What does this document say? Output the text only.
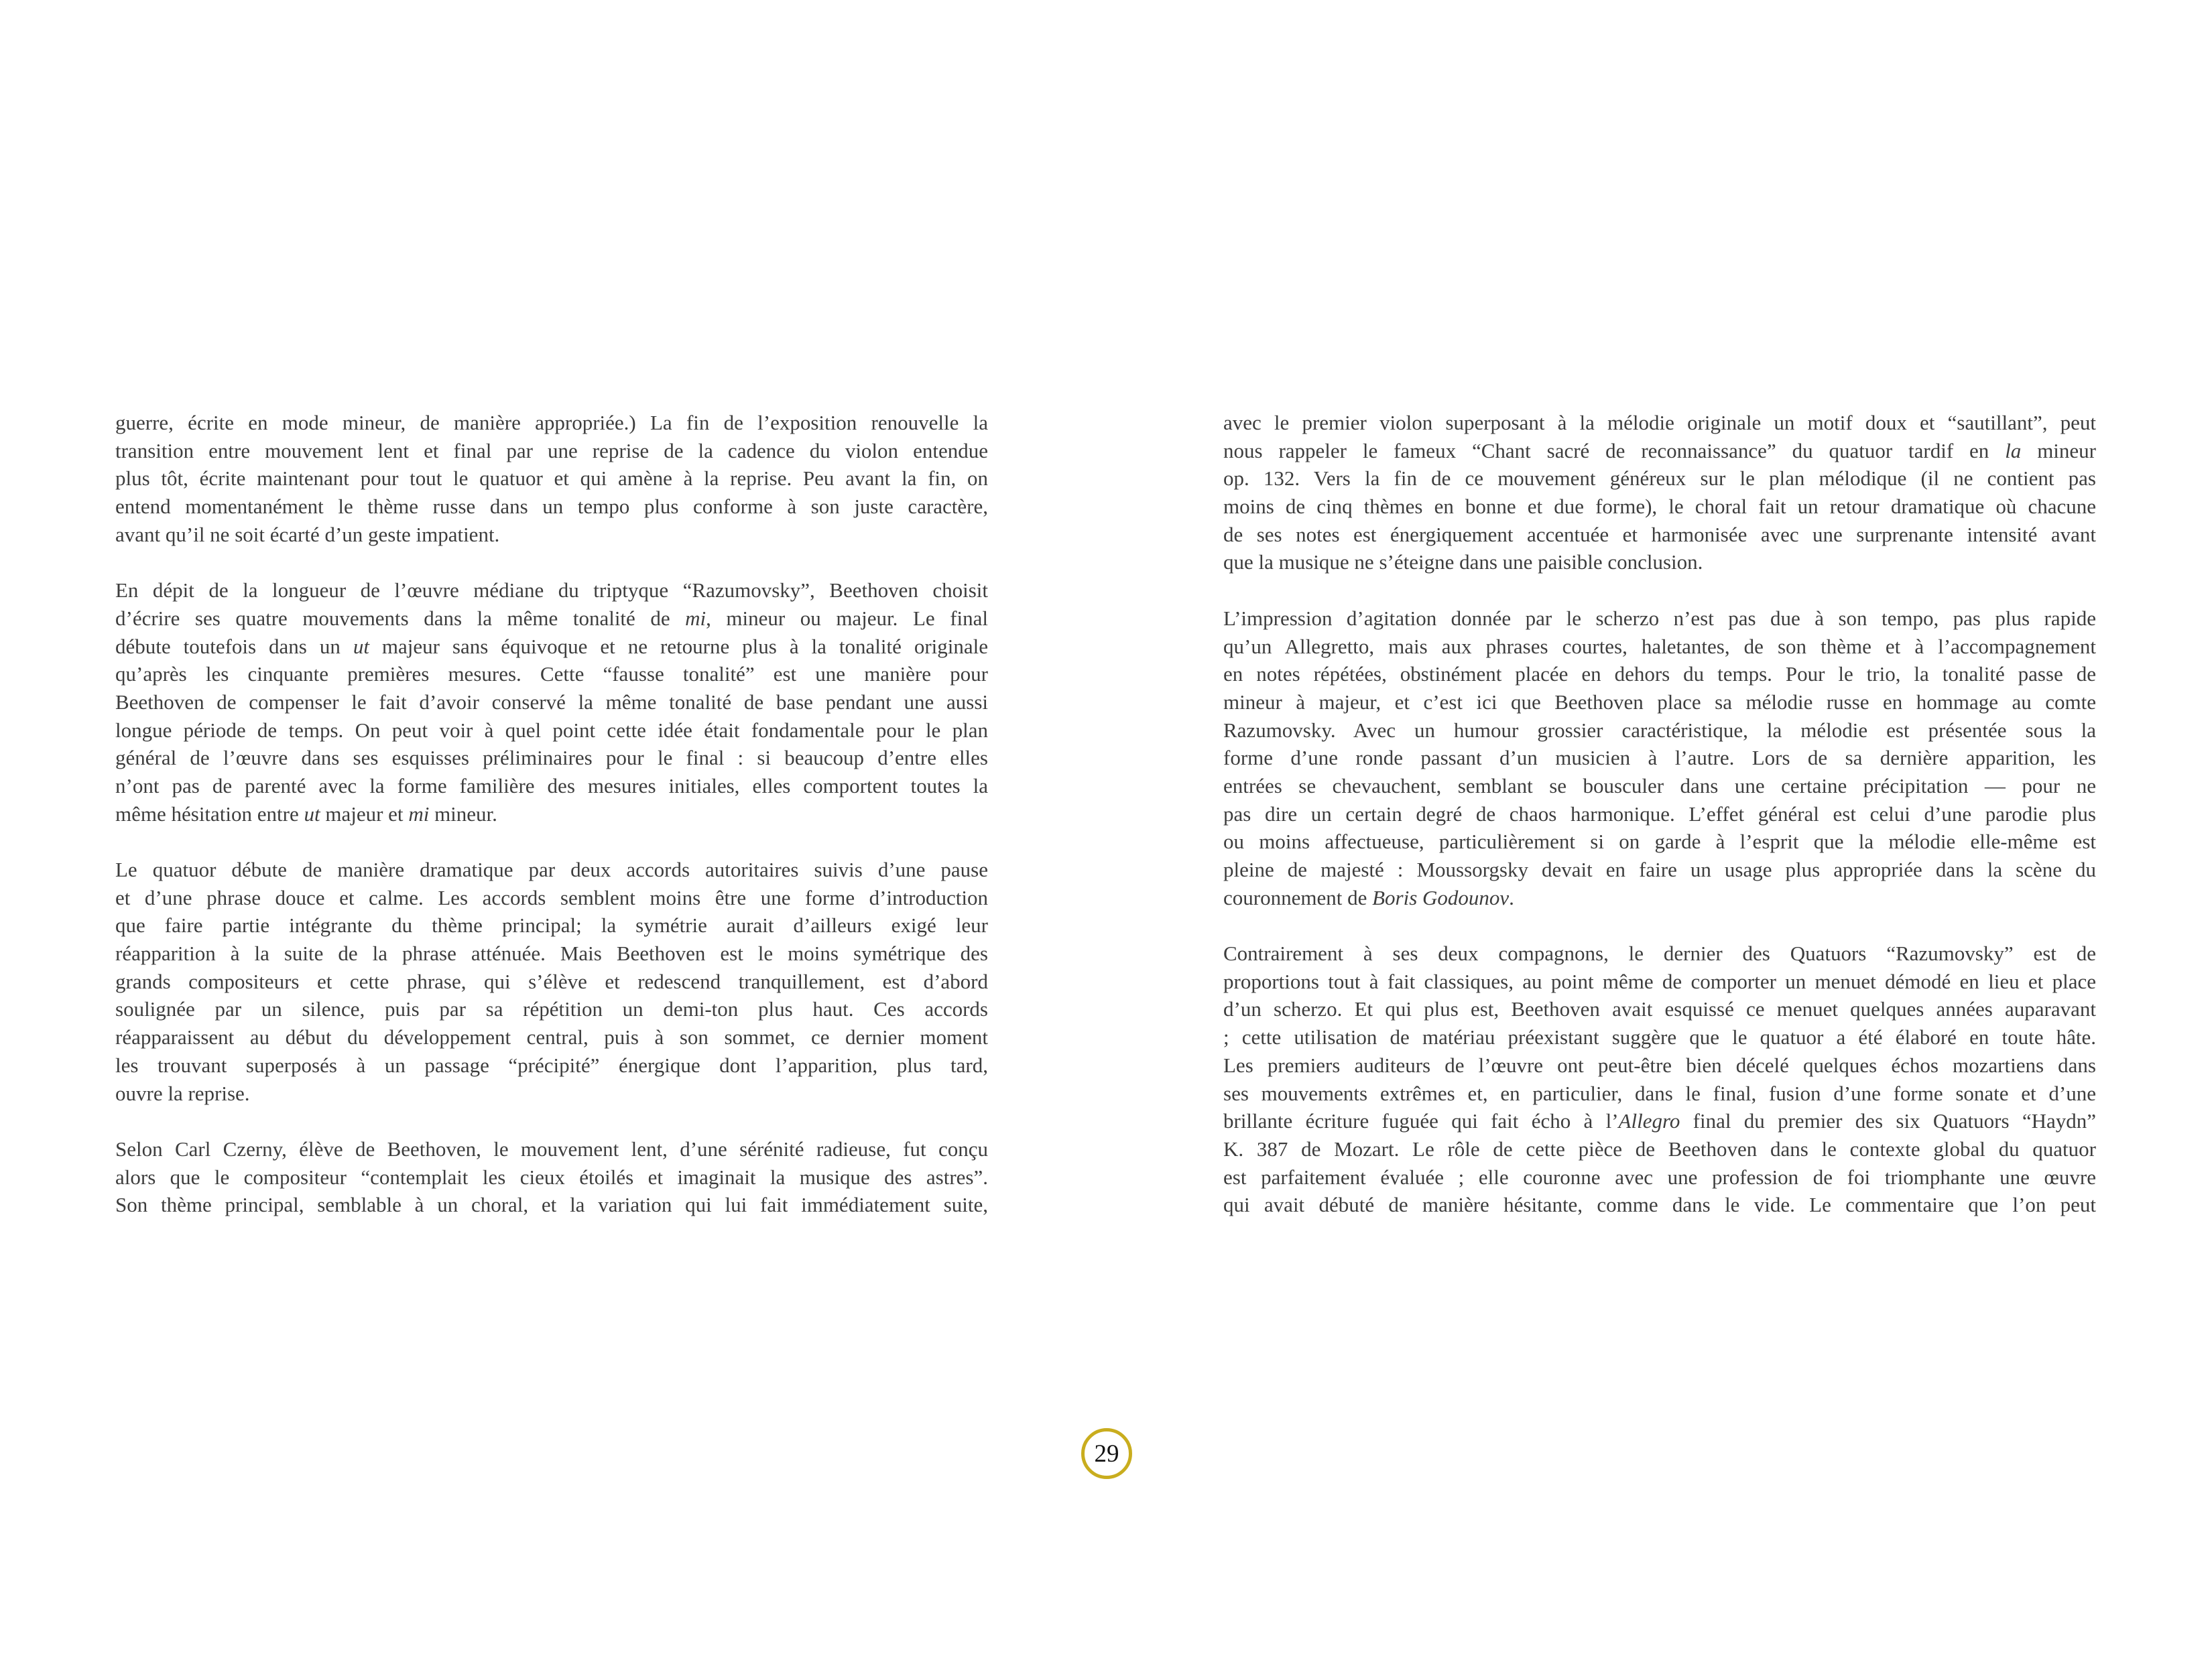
guerre, écrite en mode mineur, de manière appropriée.) La fin de l’exposition renouvelle la
transition entre mouvement lent et final par une reprise de la cadence du violon entendue
plus tôt, écrite maintenant pour tout le quatuor et qui amène à la reprise. Peu avant la fin, on
entend momentanément le thème russe dans un tempo plus conforme à son juste caractère,
avant qu’il ne soit écarté d’un geste impatient.
En dépit de la longueur de l’œuvre médiane du triptyque “Razumovsky”, Beethoven choisit
d’écrire ses quatre mouvements dans la même tonalité de mi, mineur ou majeur. Le final
débute toutefois dans un ut majeur sans équivoque et ne retourne plus à la tonalité originale
qu’après les cinquante premières mesures. Cette “fausse tonalité” est une manière pour
Beethoven de compenser le fait d’avoir conservé la même tonalité de base pendant une aussi
longue période de temps. On peut voir à quel point cette idée était fondamentale pour le plan
général de l’œuvre dans ses esquisses préliminaires pour le final : si beaucoup d’entre elles
n’ont pas de parenté avec la forme familière des mesures initiales, elles comportent toutes la
même hésitation entre ut majeur et mi mineur.
Le quatuor débute de manière dramatique par deux accords autoritaires suivis d’une pause
et d’une phrase douce et calme. Les accords semblent moins être une forme d’introduction
que faire partie intégrante du thème principal; la symétrie aurait d’ailleurs exigé leur
réapparition à la suite de la phrase atténuée. Mais Beethoven est le moins symétrique des
grands compositeurs et cette phrase, qui s’élève et redescend tranquillement, est d’abord
soulignée par un silence, puis par sa répétition un demi-ton plus haut. Ces accords
réapparaissent au début du développement central, puis à son sommet, ce dernier moment
les trouvant superposés à un passage “précipité” énergique dont l’apparition, plus tard,
ouvre la reprise.
Selon Carl Czerny, élève de Beethoven, le mouvement lent, d’une sérénité radieuse, fut conçu
alors que le compositeur “contemplait les cieux étoilés et imaginait la musique des astres”.
Son thème principal, semblable à un choral, et la variation qui lui fait immédiatement suite,
avec le premier violon superposant à la mélodie originale un motif doux et “sautillant”, peut
nous rappeler le fameux “Chant sacré de reconnaissance” du quatuor tardif en la mineur
op. 132. Vers la fin de ce mouvement généreux sur le plan mélodique (il ne contient pas
moins de cinq thèmes en bonne et due forme), le choral fait un retour dramatique où chacune
de ses notes est énergiquement accentuée et harmonisée avec une surprenante intensité avant
que la musique ne s’éteigne dans une paisible conclusion.
L’impression d’agitation donnée par le scherzo n’est pas due à son tempo, pas plus rapide
qu’un Allegretto, mais aux phrases courtes, haletantes, de son thème et à l’accompagnement
en notes répétées, obstinément placée en dehors du temps. Pour le trio, la tonalité passe de
mineur à majeur, et c’est ici que Beethoven place sa mélodie russe en hommage au comte
Razumovsky. Avec un humour grossier caractéristique, la mélodie est présentée sous la
forme d’une ronde passant d’un musicien à l’autre. Lors de sa dernière apparition, les
entrées se chevauchent, semblant se bousculer dans une certaine précipitation — pour ne
pas dire un certain degré de chaos harmonique. L’effet général est celui d’une parodie plus
ou moins affectueuse, particulièrement si on garde à l’esprit que la mélodie elle-même est
pleine de majesté : Moussorgsky devait en faire un usage plus appropriée dans la scène du
couronnement de Boris Godounov.
Contrairement à ses deux compagnons, le dernier des Quatuors “Razumovsky” est de
proportions tout à fait classiques, au point même de comporter un menuet démodé en lieu et place
d’un scherzo. Et qui plus est, Beethoven avait esquissé ce menuet quelques années auparavant
; cette utilisation de matériau préexistant suggère que le quatuor a été élaboré en toute hâte.
Les premiers auditeurs de l’œuvre ont peut-être bien décelé quelques échos mozartiens dans
ses mouvements extrêmes et, en particulier, dans le final, fusion d’une forme sonate et d’une
brillante écriture fuguée qui fait écho à l’Allegro final du premier des six Quatuors “Haydn”
K. 387 de Mozart. Le rôle de cette pièce de Beethoven dans le contexte global du quatuor
est parfaitement évaluée ; elle couronne avec une profession de foi triomphante une œuvre
qui avait débuté de manière hésitante, comme dans le vide. Le commentaire que l’on peut
29
